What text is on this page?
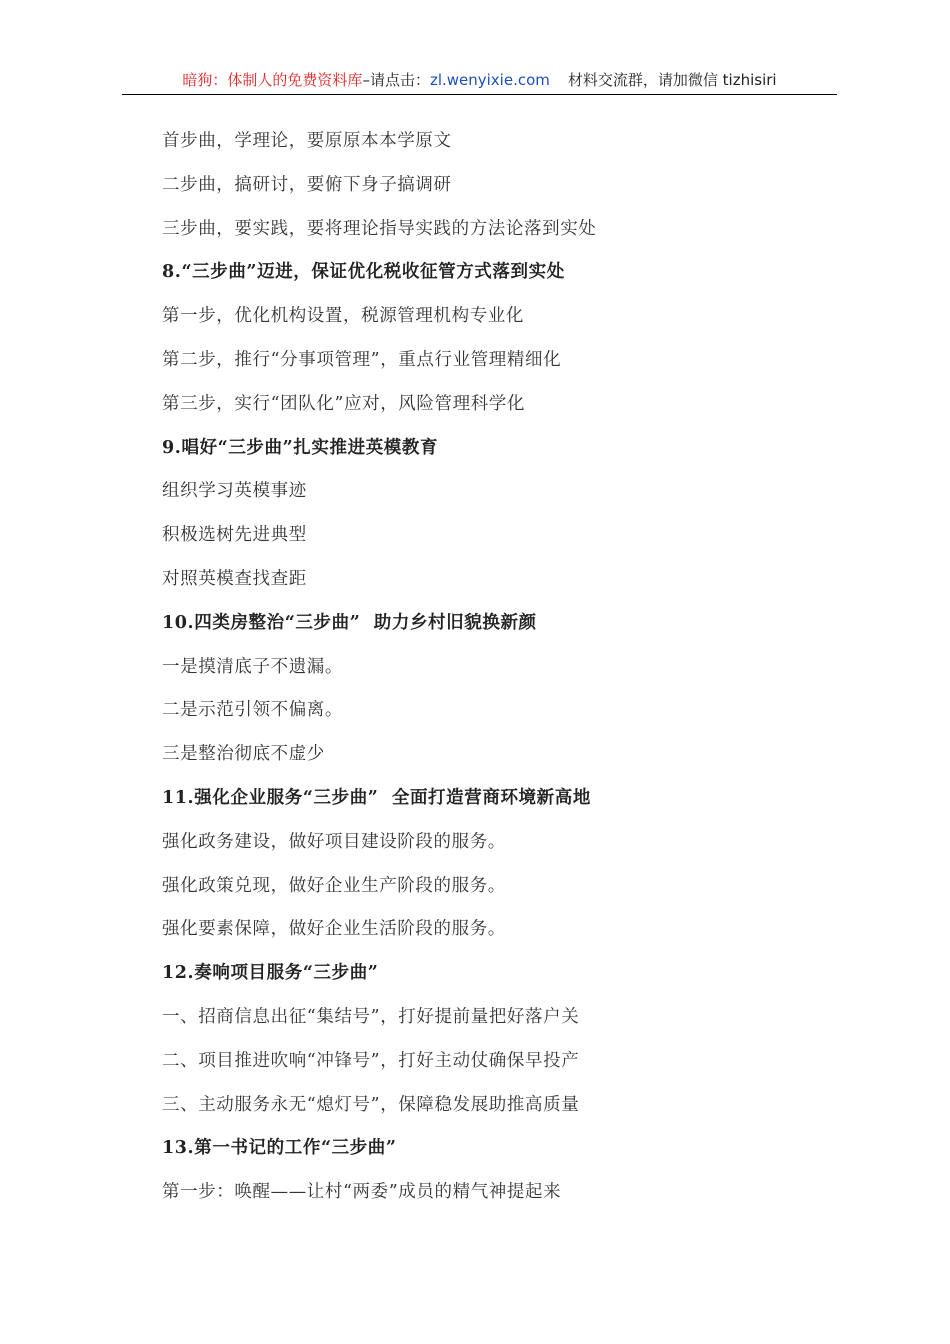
暗狗：体制人的免费资料库–请点击：zl.wenyixie.com 材料交流群，请加微信 tizhisiri
首步曲，学理论，要原原本本学原文
二步曲，搞研讨，要俯下身子搞调研
三步曲，要实践，要将理论指导实践的方法论落到实处
8.“三步曲”迈进，保证优化税收征管方式落到实处
第一步，优化机构设置，税源管理机构专业化
第二步，推行“分事项管理”，重点行业管理精细化
第三步，实行“团队化”应对，风险管理科学化
9.唱好“三步曲”扎实推进英模教育
组织学习英模事迹
积极选树先进典型
对照英模查找查距
10.四类房整治“三步曲”  助力乡村旧貌换新颜
一是摸清底子不遗漏。
二是示范引领不偏离。
三是整治彻底不虚少
11.强化企业服务“三步曲”  全面打造营商环境新高地
强化政务建设，做好项目建设阶段的服务。
强化政策兑现，做好企业生产阶段的服务。
强化要素保障，做好企业生活阶段的服务。
12.奏响项目服务“三步曲”
一、招商信息出征“集结号”，打好提前量把好落户关
二、项目推进吹响“冲锋号”，打好主动仗确保早投产
三、主动服务永无“熄灯号”，保障稳发展助推高质量
13.第一书记的工作“三步曲”
第一步：唤醒——让村“两委”成员的精气神提起来
